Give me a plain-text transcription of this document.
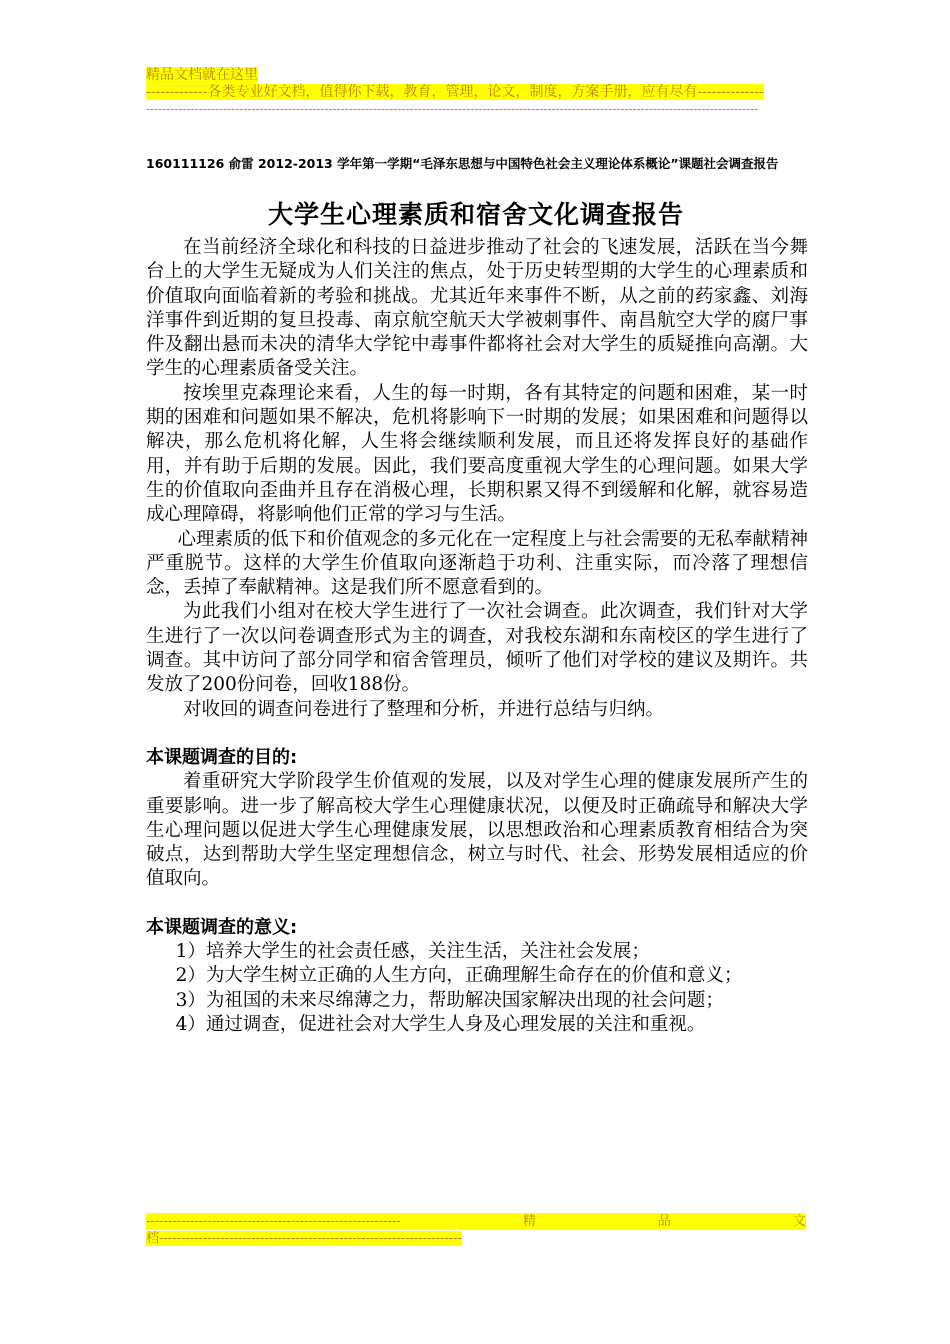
精品文档就在这里
-------------各类专业好文档，值得你下载，教育，管理，论文，制度，方案手册，应有尽有--------------
-------------------------------------------------------------------------------------------------------------------------------------------------------
160111126 俞雷 2012-2013 学年第一学期“毛泽东思想与中国特色社会主义理论体系概论”课题社会调查报告
大学生心理素质和宿舍文化调查报告

在当前经济全球化和科技的日益进步推动了社会的飞速发展，活跃在当今舞台上的大学生无疑成为人们关注的焦点，处于历史转型期的大学生的心理素质和价值取向面临着新的考验和挑战。尤其近年来事件不断，从之前的药家鑫、刘海洋事件到近期的复旦投毒、南京航空航天大学被刺事件、南昌航空大学的腐尸事件及翻出悬而未决的清华大学铊中毒事件都将社会对大学生的质疑推向高潮。大学生的心理素质备受关注。

按埃里克森理论来看，人生的每一时期，各有其特定的问题和困难，某一时期的困难和问题如果不解决，危机将影响下一时期的发展；如果困难和问题得以解决，那么危机将化解，人生将会继续顺利发展，而且还将发挥良好的基础作用，并有助于后期的发展。因此，我们要高度重视大学生的心理问题。如果大学生的价值取向歪曲并且存在消极心理，长期积累又得不到缓解和化解，就容易造成心理障碍，将影响他们正常的学习与生活。

心理素质的低下和价值观念的多元化在一定程度上与社会需要的无私奉献精神严重脱节。这样的大学生价值取向逐渐趋于功利、注重实际，而冷落了理想信念，丢掉了奉献精神。这是我们所不愿意看到的。

为此我们小组对在校大学生进行了一次社会调查。此次调查，我们针对大学生进行了一次以问卷调查形式为主的调查，对我校东湖和东南校区的学生进行了调查。其中访问了部分同学和宿舍管理员，倾听了他们对学校的建议及期许。共发放了200份问卷，回收188份。

对收回的调查问卷进行了整理和分析，并进行总结与归纳。

本课题调查的目的:

着重研究大学阶段学生价值观的发展，以及对学生心理的健康发展所产生的重要影响。进一步了解高校大学生心理健康状况，以便及时正确疏导和解决大学生心理问题以促进大学生心理健康发展，以思想政治和心理素质教育相结合为突破点，达到帮助大学生坚定理想信念，树立与时代、社会、形势发展相适应的价值取向。

本课题调查的意义:

1）培养大学生的社会责任感，关注生活，关注社会发展；

2）为大学生树立正确的人生方向，正确理解生命存在的价值和意义；

3）为祖国的未来尽绵薄之力，帮助解决国家解决出现的社会问题；

4）通过调查，促进社会对大学生人身及心理发展的关注和重视。

----------------------------------------------------------	精	品	文
档---------------------------------------------------------------------
